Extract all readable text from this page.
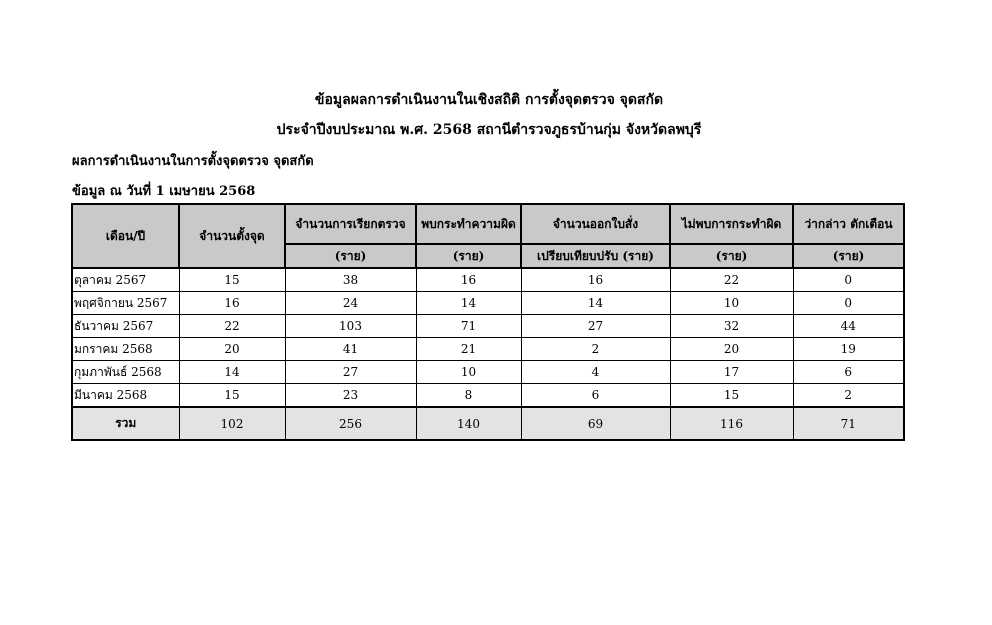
ข้อมูลผลการดำเนินงานในเชิงสถิติ การตั้งจุดตรวจ จุดสกัด
ประจำปีงบประมาณ พ.ศ. 2568 สถานีตำรวจภูธรบ้านกุ่ม จังหวัดลพบุรี
ผลการดำเนินงานในการตั้งจุดตรวจ จุดสกัด
ข้อมูล ณ วันที่ 1 เมษายน 2568
เดือน/ปี	จำนวนตั้งจุด	จำนวนการเรียกตรวจ	พบกระทำความผิด	จำนวนออกใบสั่ง	ไม่พบการกระทำผิด	ว่ากล่าว ตักเตือน
		(ราย)	(ราย)	เปรียบเทียบปรับ (ราย)	(ราย)	(ราย)
ตุลาคม 2567	15	38	16	16	22	0
พฤศจิกายน 2567	16	24	14	14	10	0
ธันวาคม 2567	22	103	71	27	32	44
มกราคม 2568	20	41	21	2	20	19
กุมภาพันธ์ 2568	14	27	10	4	17	6
มีนาคม 2568	15	23	8	6	15	2
รวม	102	256	140	69	116	71
